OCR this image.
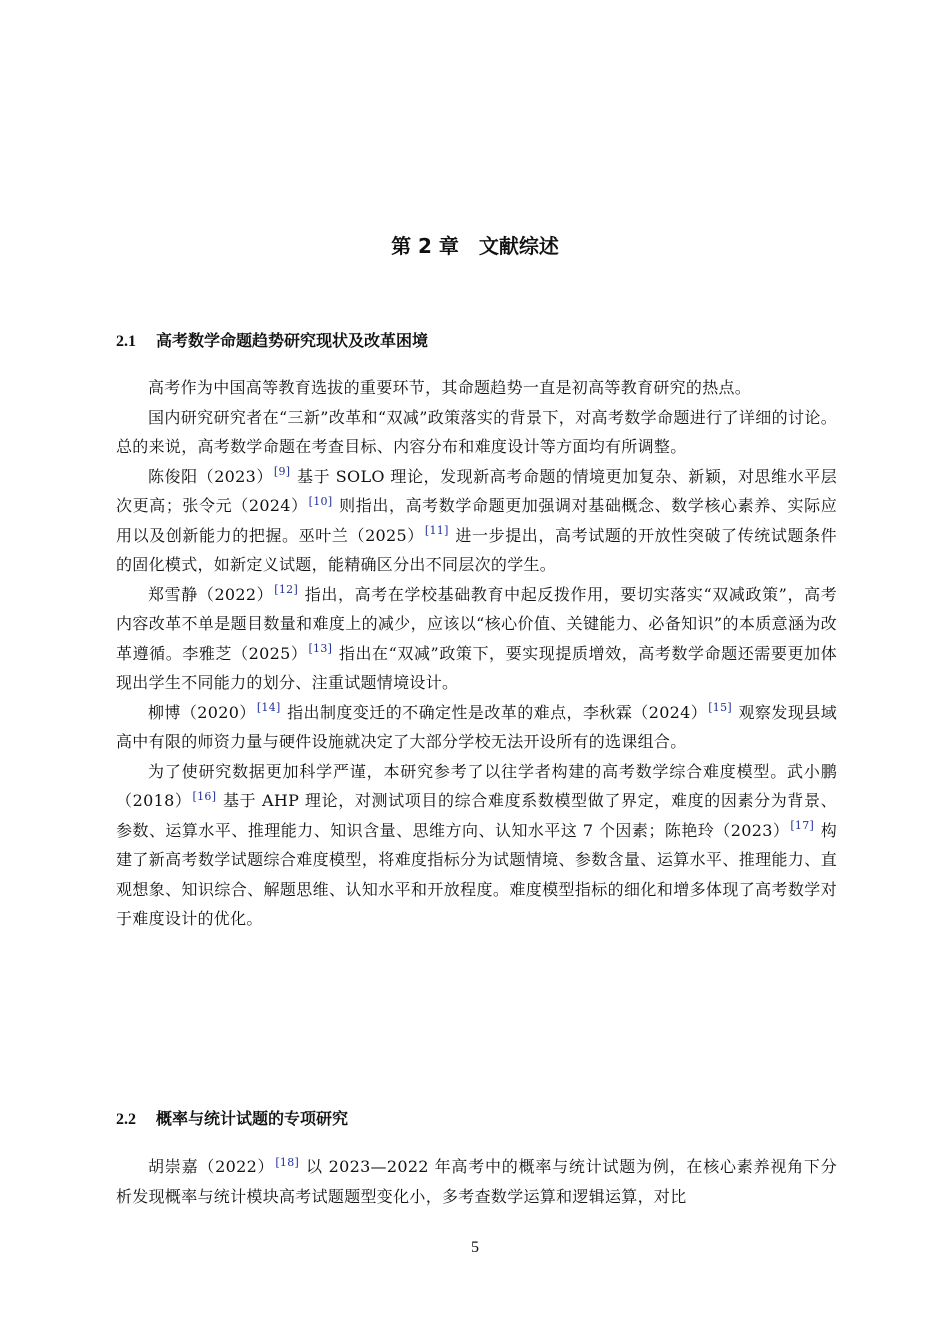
第 2 章　文献综述
2.1 高考数学命题趋势研究现状及改革困境

高考作为中国高等教育选拔的重要环节，其命题趋势一直是初高等教育研究的热点。

国内研究研究者在“三新”改革和“双减”政策落实的背景下，对高考数学命题进行了详细的讨论。总的来说，高考数学命题在考查目标、内容分布和难度设计等方面均有所调整。

陈俊阳（2023）[9] 基于 SOLO 理论，发现新高考命题的情境更加复杂、新颖，对思维水平层次更高；张令元（2024）[10] 则指出，高考数学命题更加强调对基础概念、数学核心素养、实际应用以及创新能力的把握。巫叶兰（2025）[11] 进一步提出，高考试题的开放性突破了传统试题条件的固化模式，如新定义试题，能精确区分出不同层次的学生。

郑雪静（2022）[12] 指出，高考在学校基础教育中起反拨作用，要切实落实“双减政策”，高考内容改革不单是题目数量和难度上的减少，应该以“核心价值、关键能力、必备知识”的本质意涵为改革遵循。李雅芝（2025）[13] 指出在“双减”政策下，要实现提质增效，高考数学命题还需要更加体现出学生不同能力的划分、注重试题情境设计。

柳博（2020）[14] 指出制度变迁的不确定性是改革的难点，李秋霖（2024）[15] 观察发现县域高中有限的师资力量与硬件设施就决定了大部分学校无法开设所有的选课组合。

为了使研究数据更加科学严谨，本研究参考了以往学者构建的高考数学综合难度模型。武小鹏（2018）[16] 基于 AHP 理论，对测试项目的综合难度系数模型做了界定，难度的因素分为背景、参数、运算水平、推理能力、知识含量、思维方向、认知水平这 7 个因素；陈艳玲（2023）[17] 构建了新高考数学试题综合难度模型，将难度指标分为试题情境、参数含量、运算水平、推理能力、直观想象、知识综合、解题思维、认知水平和开放程度。难度模型指标的细化和增多体现了高考数学对于难度设计的优化。

2.2 概率与统计试题的专项研究

胡崇嘉（2022）[18] 以 2023—2022 年高考中的概率与统计试题为例，在核心素养视角下分析发现概率与统计模块高考试题题型变化小，多考查数学运算和逻辑运算，对比

5
